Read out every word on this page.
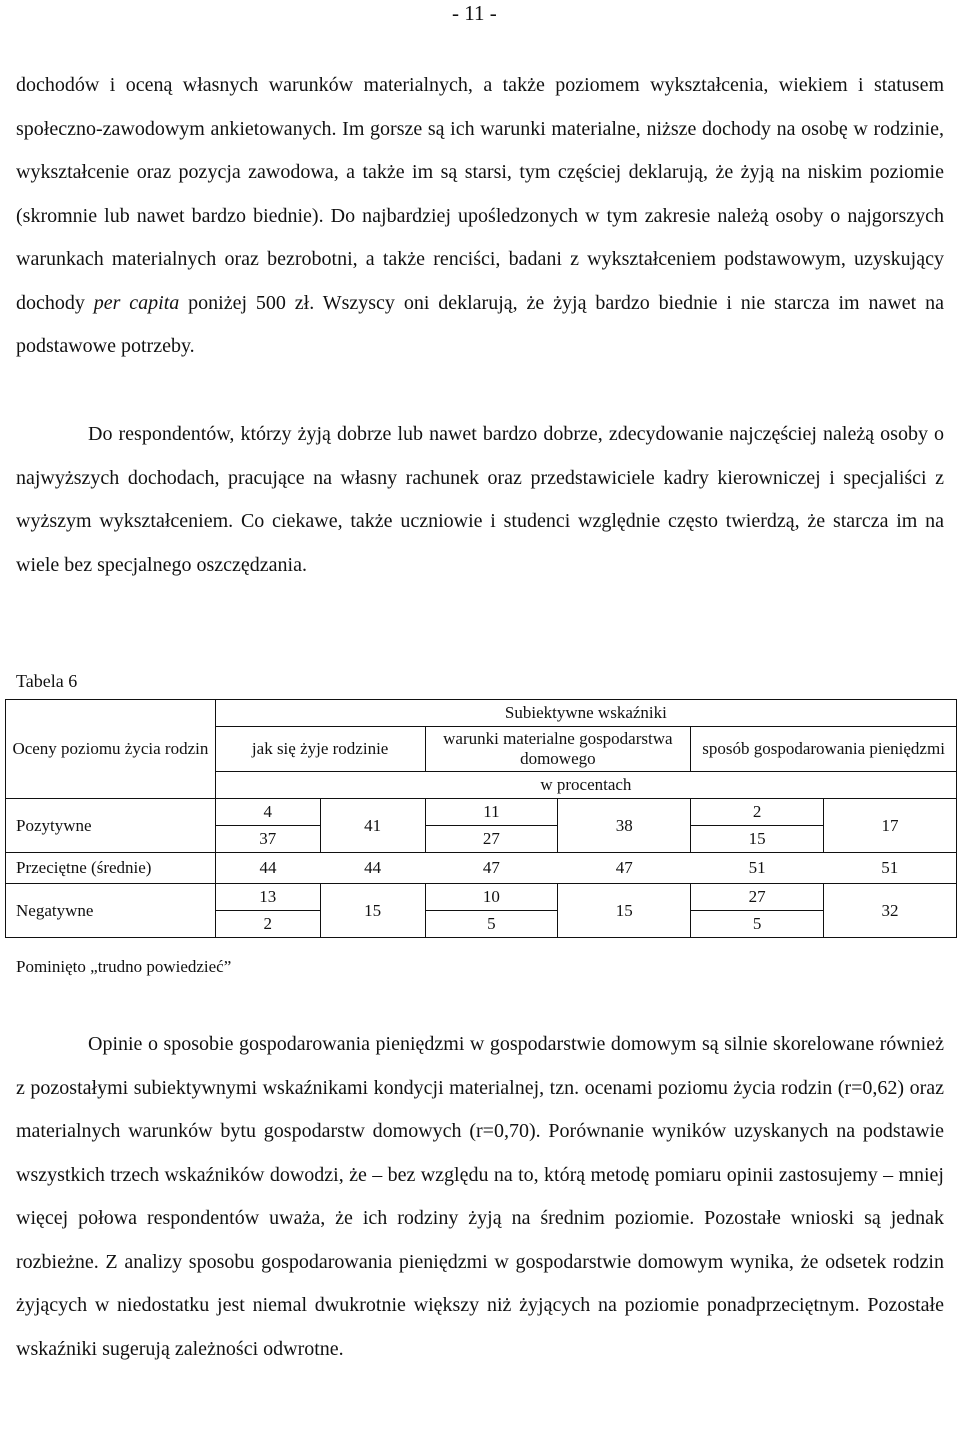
- 11 -

dochodów i oceną własnych warunków materialnych, a także poziomem wykształcenia, wiekiem i statusem społeczno-zawodowym ankietowanych. Im gorsze są ich warunki materialne, niższe dochody na osobę w rodzinie, wykształcenie oraz pozycja zawodowa, a także im są starsi, tym częściej deklarują, że żyją na niskim poziomie (skromnie lub nawet bardzo biednie). Do najbardziej upośledzonych w tym zakresie należą osoby o najgorszych warunkach materialnych oraz bezrobotni, a także renciści, badani z wykształceniem podstawowym, uzyskujący dochody per capita poniżej 500 zł. Wszyscy oni deklarują, że żyją bardzo biednie i nie starcza im nawet na podstawowe potrzeby.

Do respondentów, którzy żyją dobrze lub nawet bardzo dobrze, zdecydowanie najczęściej należą osoby o najwyższych dochodach, pracujące na własny rachunek oraz przedstawiciele kadry kierowniczej i specjaliści z wyższym wykształceniem. Co ciekawe, także uczniowie i studenci względnie często twierdzą, że starcza im na wiele bez specjalnego oszczędzania.

Tabela 6
Oceny poziomu życia rodzin	Subiektywne wskaźniki					
	jak się żyje rodzinie		warunki materialne gospodarstwa domowego		sposób gospodarowania pieniędzmi	
	w procentach					
Pozytywne	4	41	11	38	2	17
	37		27		15	
Przeciętne (średnie)	44	44	47	47	51	51
Negatywne	13	15	10	15	27	32
	2		5		5	
Pominięto „trudno powiedzieć”

Opinie o sposobie gospodarowania pieniędzmi w gospodarstwie domowym są silnie skorelowane również z pozostałymi subiektywnymi wskaźnikami kondycji materialnej, tzn. ocenami poziomu życia rodzin (r=0,62) oraz materialnych warunków bytu gospodarstw domowych (r=0,70). Porównanie wyników uzyskanych na podstawie wszystkich trzech wskaźników dowodzi, że – bez względu na to, którą metodę pomiaru opinii zastosujemy – mniej więcej połowa respondentów uważa, że ich rodziny żyją na średnim poziomie. Pozostałe wnioski są jednak rozbieżne. Z analizy sposobu gospodarowania pieniędzmi w gospodarstwie domowym wynika, że odsetek rodzin żyjących w niedostatku jest niemal dwukrotnie większy niż żyjących na poziomie ponadprzeciętnym. Pozostałe wskaźniki sugerują zależności odwrotne.
